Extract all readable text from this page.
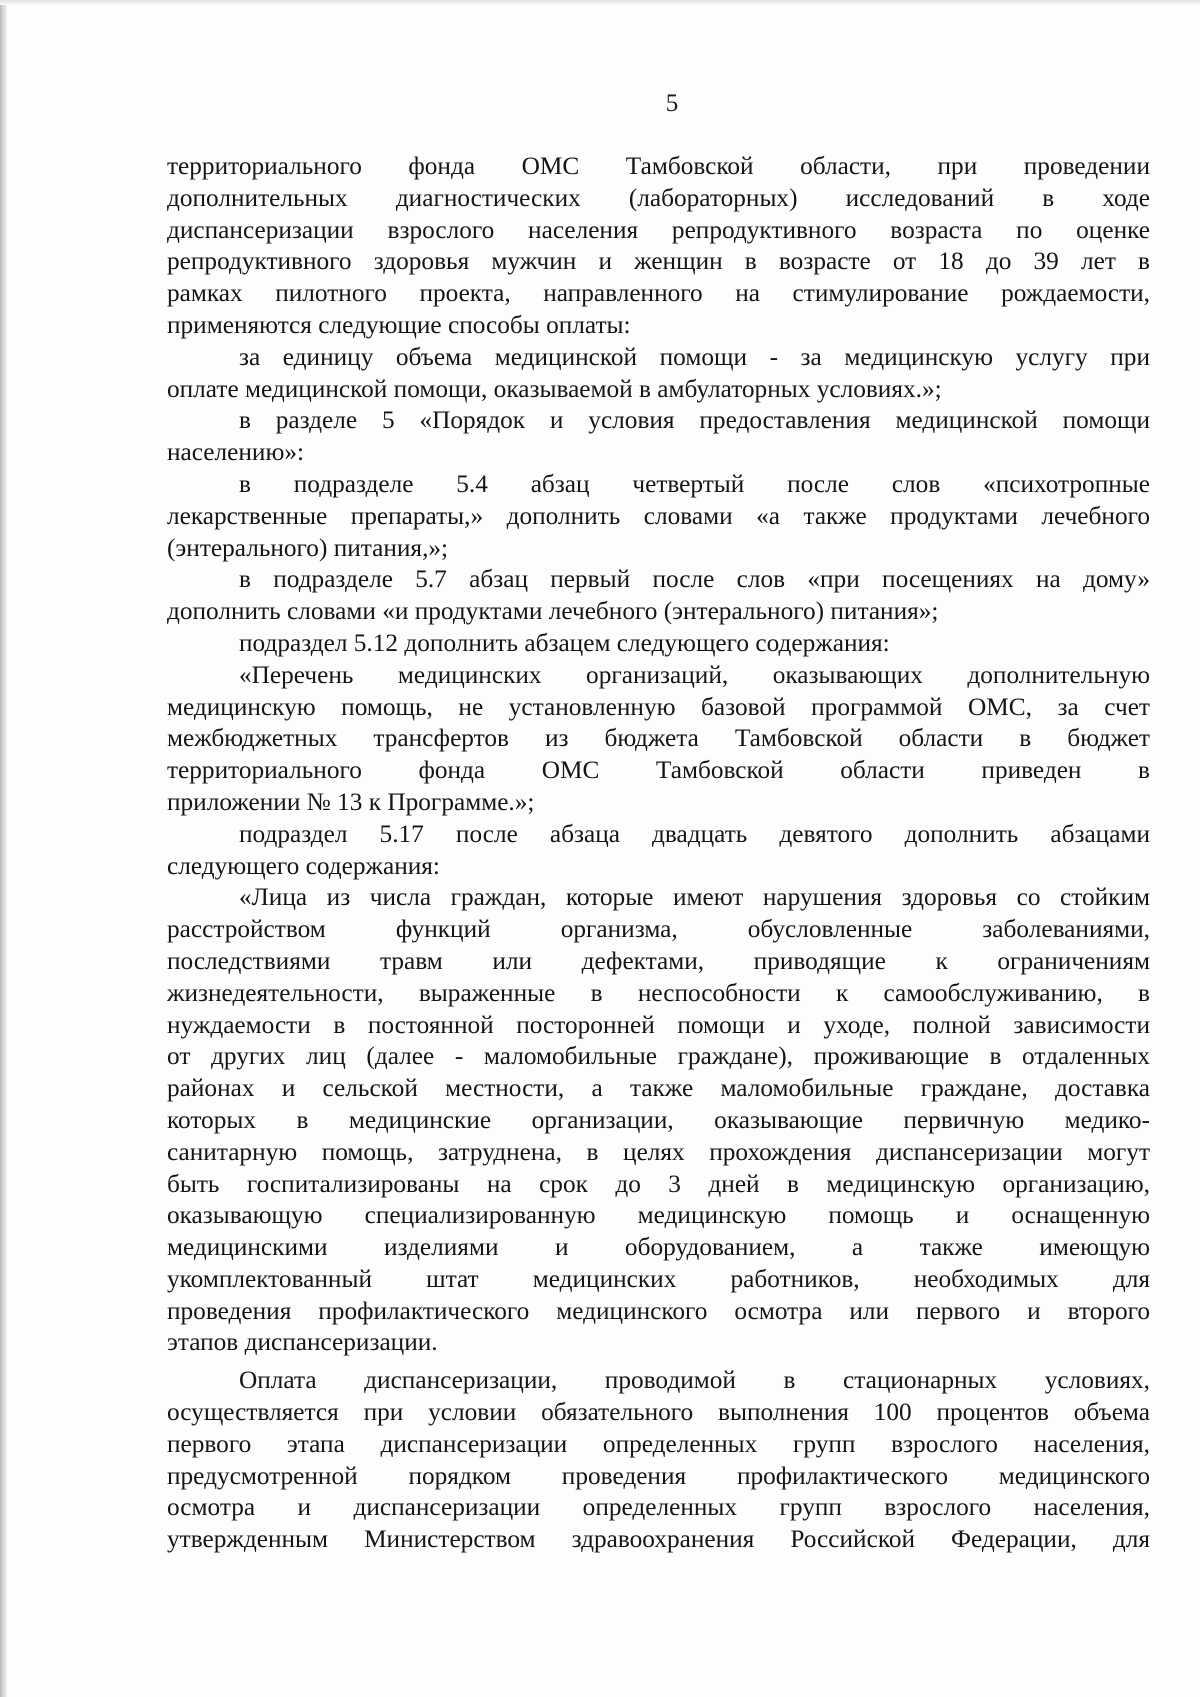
5
территориального фонда ОМС Тамбовской области, при проведении
дополнительных диагностических (лабораторных) исследований в ходе
диспансеризации взрослого населения репродуктивного возраста по оценке
репродуктивного здоровья мужчин и женщин в возрасте от 18 до 39 лет в
рамках пилотного проекта, направленного на стимулирование рождаемости,
применяются следующие способы оплаты:
за единицу объема медицинской помощи - за медицинскую услугу при
оплате медицинской помощи, оказываемой в амбулаторных условиях.»;
в разделе 5 «Порядок и условия предоставления медицинской помощи
населению»:
в подразделе 5.4 абзац четвертый после слов «психотропные
лекарственные препараты,» дополнить словами «а также продуктами лечебного
(энтерального) питания,»;
в подразделе 5.7 абзац первый после слов «при посещениях на дому»
дополнить словами «и продуктами лечебного (энтерального) питания»;
подраздел 5.12 дополнить абзацем следующего содержания:
«Перечень медицинских организаций, оказывающих дополнительную
медицинскую помощь, не установленную базовой программой ОМС, за счет
межбюджетных трансфертов из бюджета Тамбовской области в бюджет
территориального фонда ОМС Тамбовской области приведен в
приложении № 13 к Программе.»;
подраздел 5.17 после абзаца двадцать девятого дополнить абзацами
следующего содержания:
«Лица из числа граждан, которые имеют нарушения здоровья со стойким
расстройством функций организма, обусловленные заболеваниями,
последствиями травм или дефектами, приводящие к ограничениям
жизнедеятельности, выраженные в неспособности к самообслуживанию, в
нуждаемости в постоянной посторонней помощи и уходе, полной зависимости
от других лиц (далее - маломобильные граждане), проживающие в отдаленных
районах и сельской местности, а также маломобильные граждане, доставка
которых в медицинские организации, оказывающие первичную медико-
санитарную помощь, затруднена, в целях прохождения диспансеризации могут
быть госпитализированы на срок до 3 дней в медицинскую организацию,
оказывающую специализированную медицинскую помощь и оснащенную
медицинскими изделиями и оборудованием, а также имеющую
укомплектованный штат медицинских работников, необходимых для
проведения профилактического медицинского осмотра или первого и второго
этапов диспансеризации.
Оплата диспансеризации, проводимой в стационарных условиях,
осуществляется при условии обязательного выполнения 100 процентов объема
первого этапа диспансеризации определенных групп взрослого населения,
предусмотренной порядком проведения профилактического медицинского
осмотра и диспансеризации определенных групп взрослого населения,
утвержденным Министерством здравоохранения Российской Федерации, для
